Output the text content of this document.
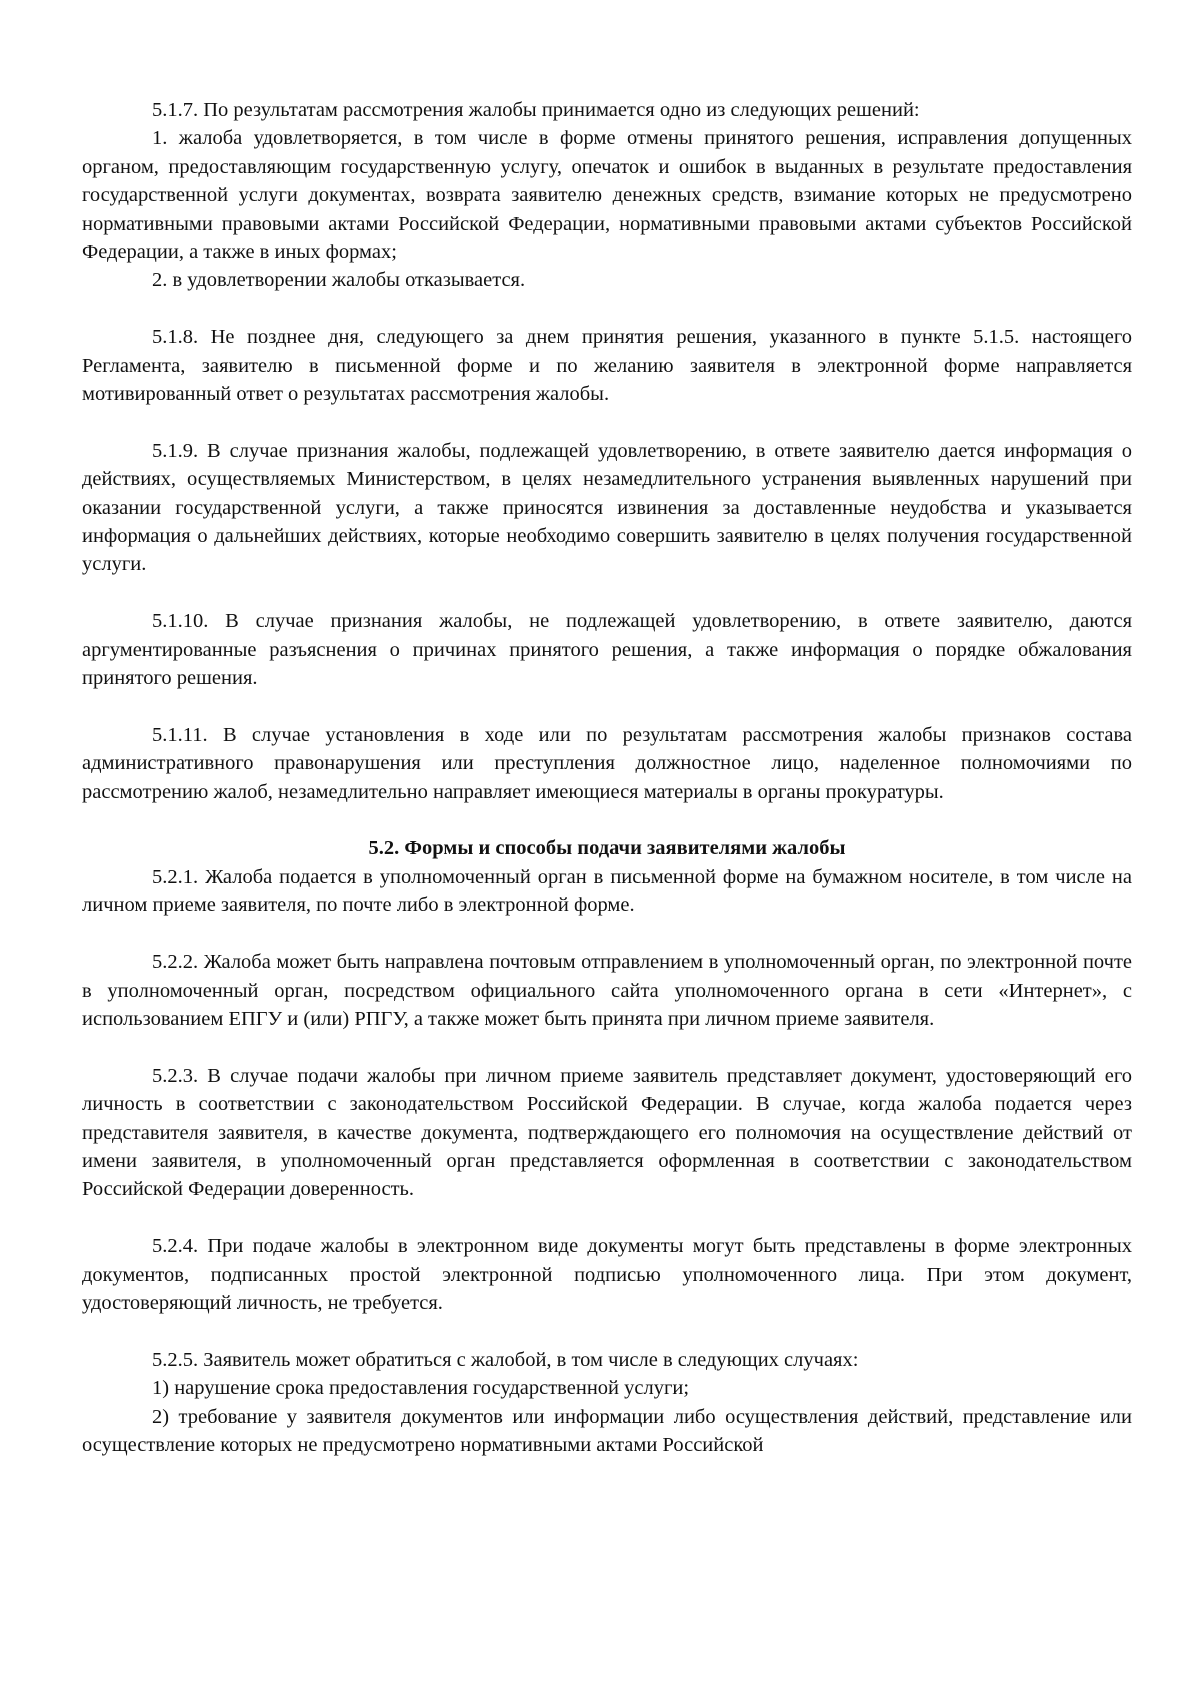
5.1.7. По результатам рассмотрения жалобы принимается одно из следующих решений:

1. жалоба удовлетворяется, в том числе в форме отмены принятого решения, исправления допущенных органом, предоставляющим государственную услугу, опечаток и ошибок в выданных в результате предоставления государственной услуги документах, возврата заявителю денежных средств, взимание которых не предусмотрено нормативными правовыми актами Российской Федерации, нормативными правовыми актами субъектов Российской Федерации, а также в иных формах;

2. в удовлетворении жалобы отказывается.

5.1.8. Не позднее дня, следующего за днем принятия решения, указанного в пункте 5.1.5. настоящего Регламента, заявителю в письменной форме и по желанию заявителя в электронной форме направляется мотивированный ответ о результатах рассмотрения жалобы.

5.1.9. В случае признания жалобы, подлежащей удовлетворению, в ответе заявителю дается информация о действиях, осуществляемых Министерством, в целях незамедлительного устранения выявленных нарушений при оказании государственной услуги, а также приносятся извинения за доставленные неудобства и указывается информация о дальнейших действиях, которые необходимо совершить заявителю в целях получения государственной услуги.

5.1.10. В случае признания жалобы, не подлежащей удовлетворению, в ответе заявителю, даются аргументированные разъяснения о причинах принятого решения, а также информация о порядке обжалования принятого решения.

5.1.11. В случае установления в ходе или по результатам рассмотрения жалобы признаков состава административного правонарушения или преступления должностное лицо, наделенное полномочиями по рассмотрению жалоб, незамедлительно направляет имеющиеся материалы в органы прокуратуры.

5.2. Формы и способы подачи заявителями жалобы

5.2.1. Жалоба подается в уполномоченный орган в письменной форме на бумажном носителе, в том числе на личном приеме заявителя, по почте либо в электронной форме.

5.2.2. Жалоба может быть направлена почтовым отправлением в уполномоченный орган, по электронной почте в уполномоченный орган, посредством официального сайта уполномоченного органа в сети «Интернет», с использованием ЕПГУ и (или) РПГУ, а также может быть принята при личном приеме заявителя.

5.2.3. В случае подачи жалобы при личном приеме заявитель представляет документ, удостоверяющий его личность в соответствии с законодательством Российской Федерации. В случае, когда жалоба подается через представителя заявителя, в качестве документа, подтверждающего его полномочия на осуществление действий от имени заявителя, в уполномоченный орган представляется оформленная в соответствии с законодательством Российской Федерации доверенность.

5.2.4. При подаче жалобы в электронном виде документы могут быть представлены в форме электронных документов, подписанных простой электронной подписью уполномоченного лица. При этом документ, удостоверяющий личность, не требуется.

5.2.5. Заявитель может обратиться с жалобой, в том числе в следующих случаях:

1) нарушение срока предоставления государственной услуги;

2) требование у заявителя документов или информации либо осуществления действий, представление или осуществление которых не предусмотрено нормативными актами Российской
